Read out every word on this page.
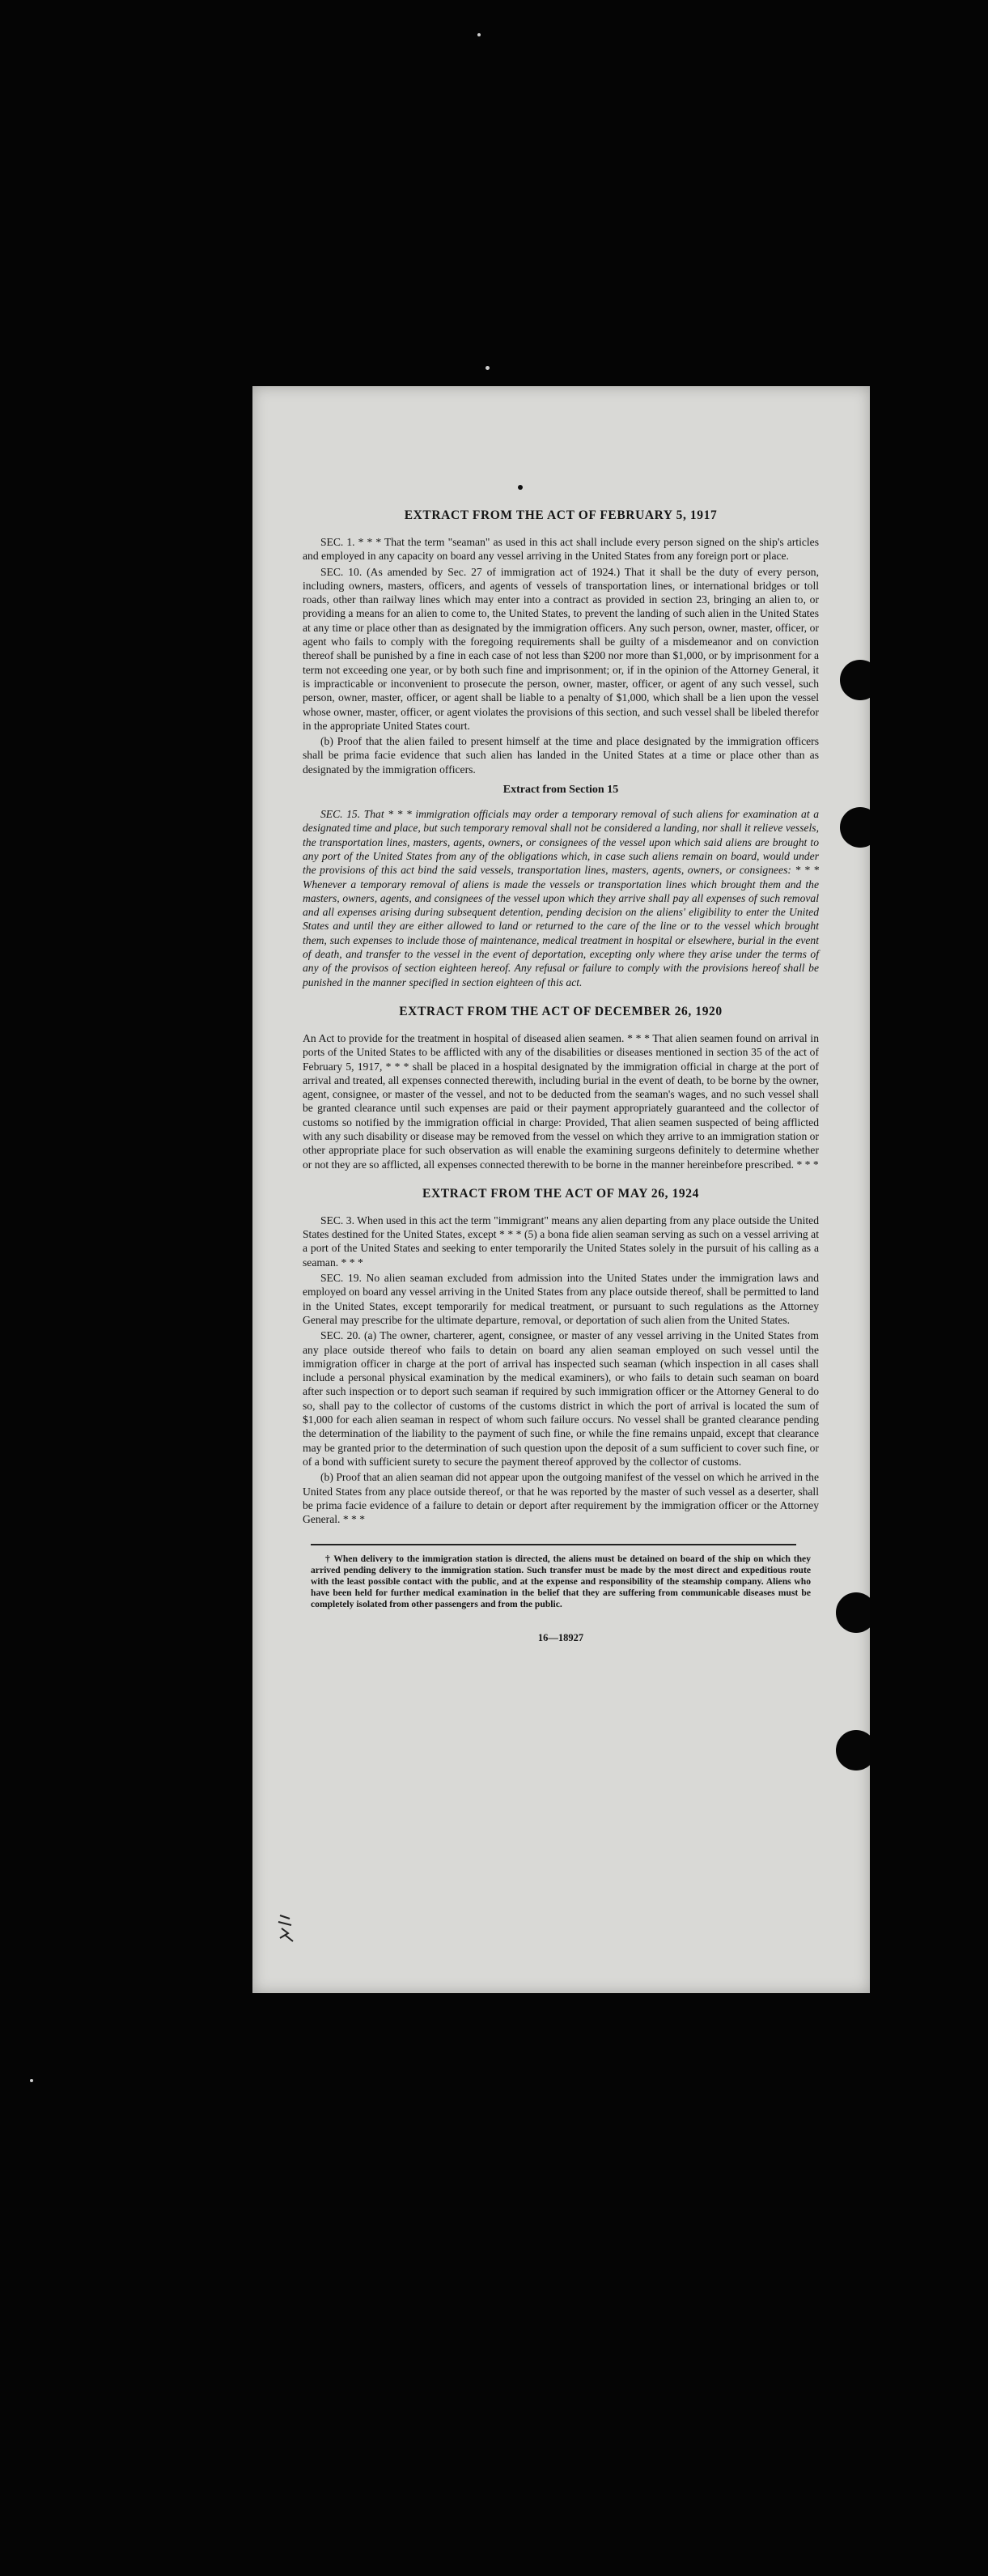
EXTRACT FROM THE ACT OF FEBRUARY 5, 1917

SEC. 1. * * * That the term "seaman" as used in this act shall include every person signed on the ship's articles and employed in any capacity on board any vessel arriving in the United States from any foreign port or place.

SEC. 10. (As amended by Sec. 27 of immigration act of 1924.) That it shall be the duty of every person, including owners, masters, officers, and agents of vessels of transportation lines, or international bridges or toll roads, other than railway lines which may enter into a contract as provided in section 23, bringing an alien to, or providing a means for an alien to come to, the United States, to prevent the landing of such alien in the United States at any time or place other than as designated by the immigration officers. Any such person, owner, master, officer, or agent who fails to comply with the foregoing requirements shall be guilty of a misdemeanor and on conviction thereof shall be punished by a fine in each case of not less than $200 nor more than $1,000, or by imprisonment for a term not exceeding one year, or by both such fine and imprisonment; or, if in the opinion of the Attorney General, it is impracticable or inconvenient to prosecute the person, owner, master, officer, or agent of any such vessel, such person, owner, master, officer, or agent shall be liable to a penalty of $1,000, which shall be a lien upon the vessel whose owner, master, officer, or agent violates the provisions of this section, and such vessel shall be libeled therefor in the appropriate United States court.

(b) Proof that the alien failed to present himself at the time and place designated by the immigration officers shall be prima facie evidence that such alien has landed in the United States at a time or place other than as designated by the immigration officers.

Extract from Section 15

SEC. 15. That * * * immigration officials may order a temporary removal of such aliens for examination at a designated time and place, but such temporary removal shall not be considered a landing, nor shall it relieve vessels, the transportation lines, masters, agents, owners, or consignees of the vessel upon which said aliens are brought to any port of the United States from any of the obligations which, in case such aliens remain on board, would under the provisions of this act bind the said vessels, transportation lines, masters, agents, owners, or consignees: * * * Whenever a temporary removal of aliens is made the vessels or transportation lines which brought them and the masters, owners, agents, and consignees of the vessel upon which they arrive shall pay all expenses of such removal and all expenses arising during subsequent detention, pending decision on the aliens' eligibility to enter the United States and until they are either allowed to land or returned to the care of the line or to the vessel which brought them, such expenses to include those of maintenance, medical treatment in hospital or elsewhere, burial in the event of death, and transfer to the vessel in the event of deportation, excepting only where they arise under the terms of any of the provisos of section eighteen hereof. Any refusal or failure to comply with the provisions hereof shall be punished in the manner specified in section eighteen of this act.

EXTRACT FROM THE ACT OF DECEMBER 26, 1920

An Act to provide for the treatment in hospital of diseased alien seamen. * * * That alien seamen found on arrival in ports of the United States to be afflicted with any of the disabilities or diseases mentioned in section 35 of the act of February 5, 1917, * * * shall be placed in a hospital designated by the immigration official in charge at the port of arrival and treated, all expenses connected therewith, including burial in the event of death, to be borne by the owner, agent, consignee, or master of the vessel, and not to be deducted from the seaman's wages, and no such vessel shall be granted clearance until such expenses are paid or their payment appropriately guaranteed and the collector of customs so notified by the immigration official in charge: Provided, That alien seamen suspected of being afflicted with any such disability or disease may be removed from the vessel on which they arrive to an immigration station or other appropriate place for such observation as will enable the examining surgeons definitely to determine whether or not they are so afflicted, all expenses connected therewith to be borne in the manner hereinbefore prescribed. * * *

EXTRACT FROM THE ACT OF MAY 26, 1924

SEC. 3. When used in this act the term "immigrant" means any alien departing from any place outside the United States destined for the United States, except * * * (5) a bona fide alien seaman serving as such on a vessel arriving at a port of the United States and seeking to enter temporarily the United States solely in the pursuit of his calling as a seaman. * * *

SEC. 19. No alien seaman excluded from admission into the United States under the immigration laws and employed on board any vessel arriving in the United States from any place outside thereof, shall be permitted to land in the United States, except temporarily for medical treatment, or pursuant to such regulations as the Attorney General may prescribe for the ultimate departure, removal, or deportation of such alien from the United States.

SEC. 20. (a) The owner, charterer, agent, consignee, or master of any vessel arriving in the United States from any place outside thereof who fails to detain on board any alien seaman employed on such vessel until the immigration officer in charge at the port of arrival has inspected such seaman (which inspection in all cases shall include a personal physical examination by the medical examiners), or who fails to detain such seaman on board after such inspection or to deport such seaman if required by such immigration officer or the Attorney General to do so, shall pay to the collector of customs of the customs district in which the port of arrival is located the sum of $1,000 for each alien seaman in respect of whom such failure occurs. No vessel shall be granted clearance pending the determination of the liability to the payment of such fine, or while the fine remains unpaid, except that clearance may be granted prior to the determination of such question upon the deposit of a sum sufficient to cover such fine, or of a bond with sufficient surety to secure the payment thereof approved by the collector of customs.

(b) Proof that an alien seaman did not appear upon the outgoing manifest of the vessel on which he arrived in the United States from any place outside thereof, or that he was reported by the master of such vessel as a deserter, shall be prima facie evidence of a failure to detain or deport after requirement by the immigration officer or the Attorney General. * * *

† When delivery to the immigration station is directed, the aliens must be detained on board of the ship on which they arrived pending delivery to the immigration station. Such transfer must be made by the most direct and expeditious route with the least possible contact with the public, and at the expense and responsibility of the steamship company. Aliens who have been held for further medical examination in the belief that they are suffering from communicable diseases must be completely isolated from other passengers and from the public.

16—18927
